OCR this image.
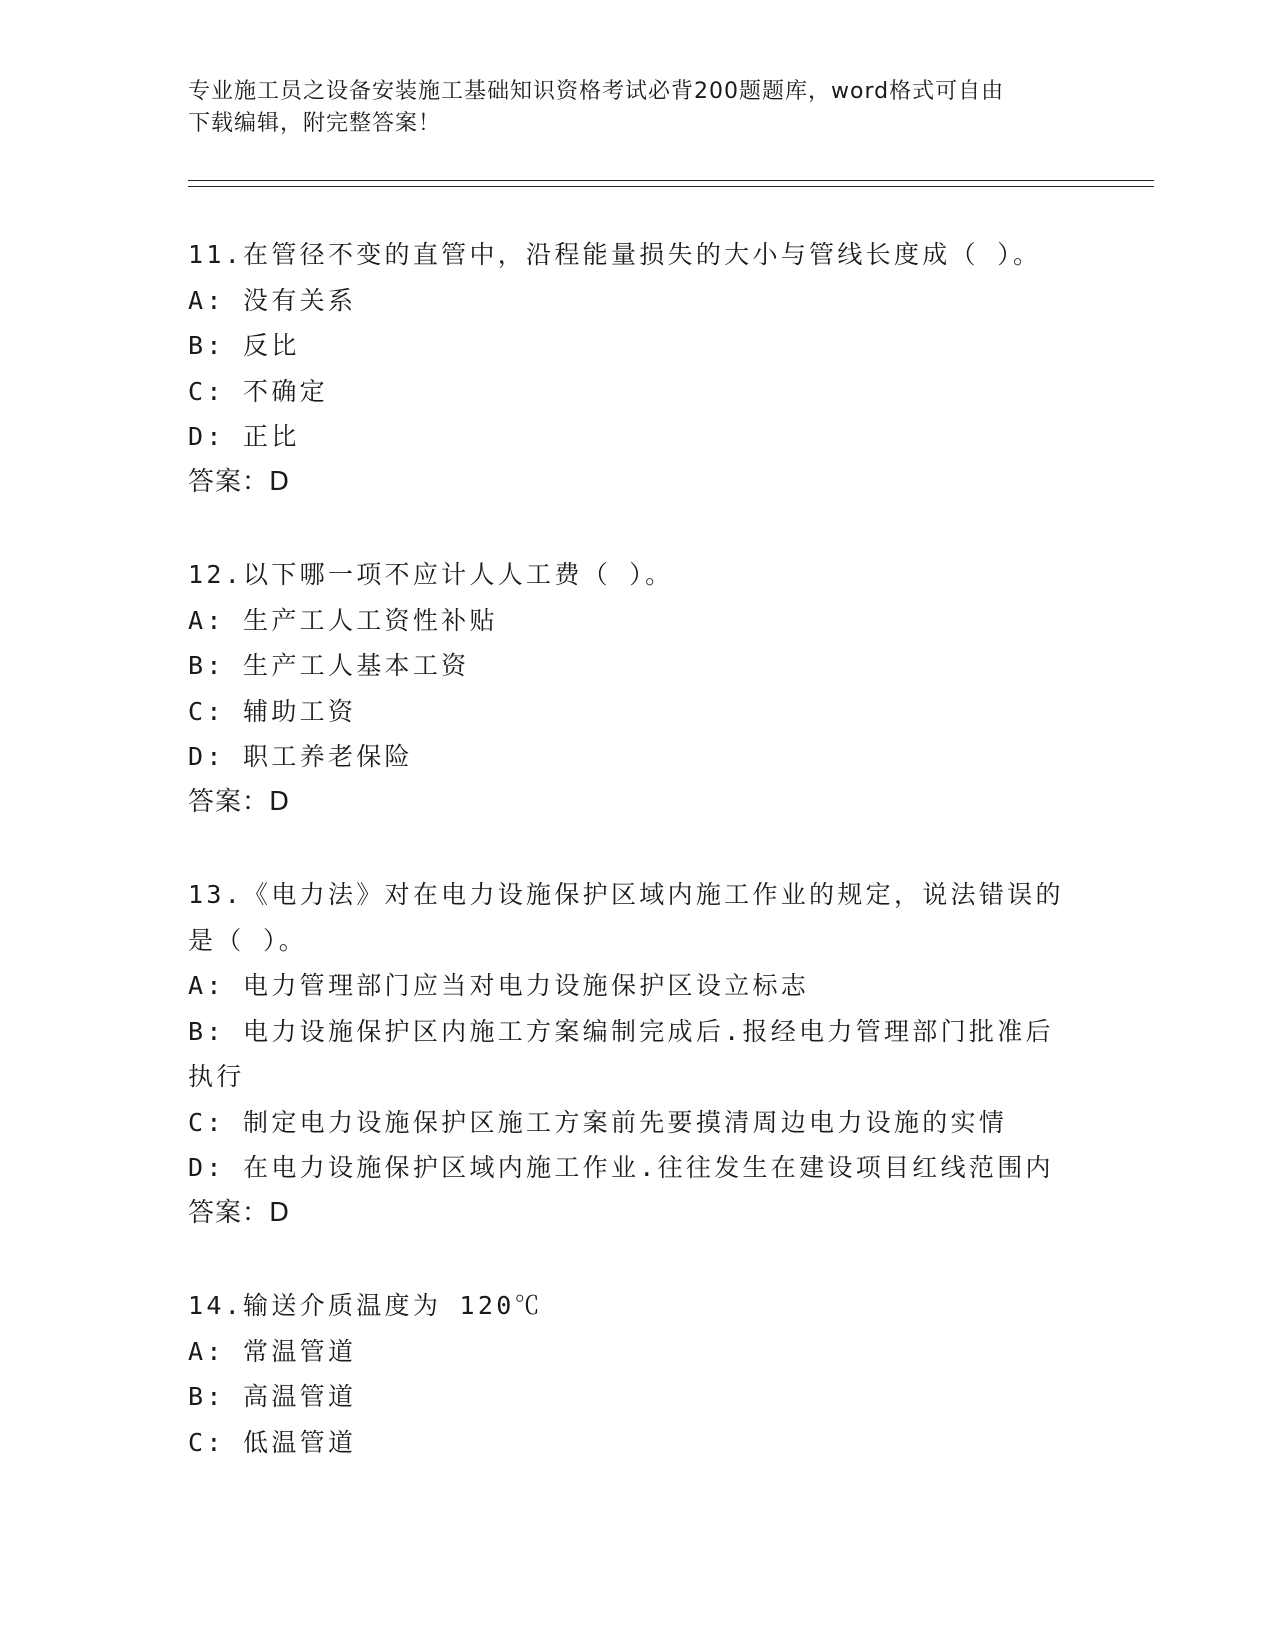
专业施工员之设备安装施工基础知识资格考试必背200题题库，word格式可自由
下载编辑，附完整答案！
11.在管径不变的直管中，沿程能量损失的大小与管线长度成（ ）。
A: 没有关系
B: 反比
C: 不确定
D: 正比
答案：D
12.以下哪一项不应计人人工费（ ）。
A: 生产工人工资性补贴
B: 生产工人基本工资
C: 辅助工资
D: 职工养老保险
答案：D
13.《电力法》对在电力设施保护区域内施工作业的规定，说法错误的
是（ ）。
A: 电力管理部门应当对电力设施保护区设立标志
B: 电力设施保护区内施工方案编制完成后.报经电力管理部门批准后
执行
C: 制定电力设施保护区施工方案前先要摸清周边电力设施的实情
D: 在电力设施保护区域内施工作业.往往发生在建设项目红线范围内
答案：D
14.输送介质温度为 120℃
A: 常温管道
B: 高温管道
C: 低温管道
